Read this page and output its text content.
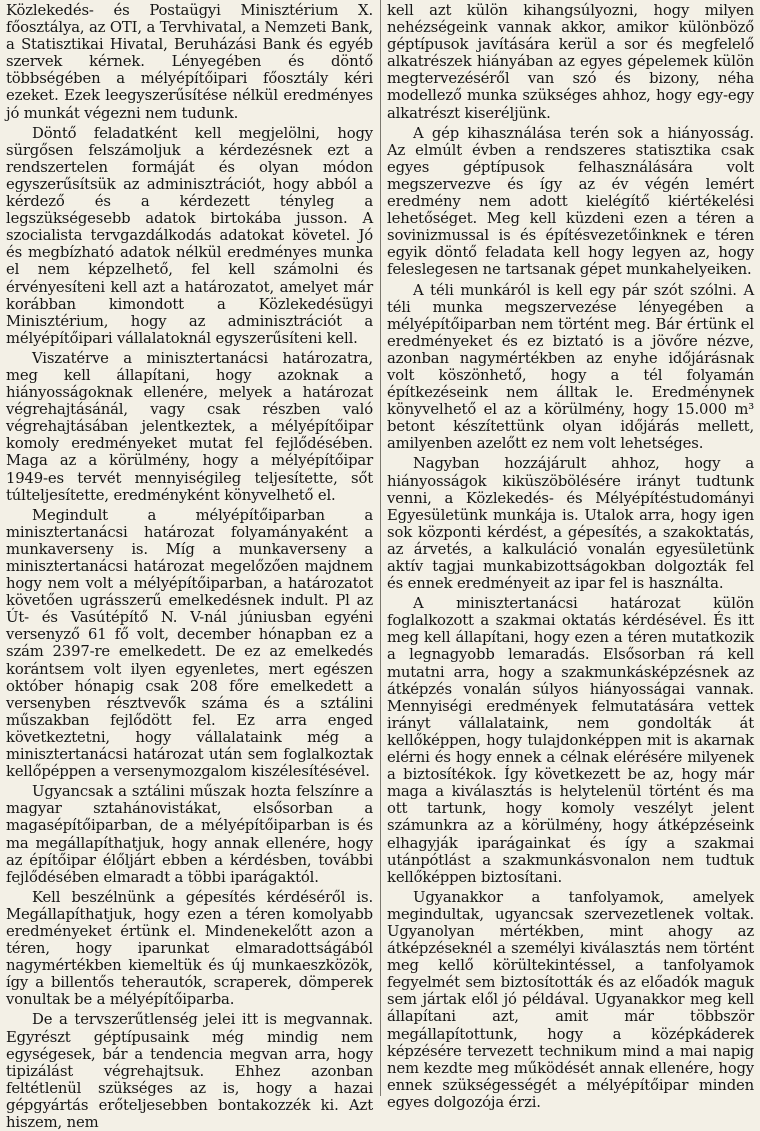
Közlekedés- és Postaügyi Minisztérium X. főosztálya, az OTI, a Tervhivatal, a Nemzeti Bank, a Statisztikai Hivatal, Beruházási Bank és egyéb szervek kérnek. Lényegében és döntő többségében a mélyépítőipari főosztály kéri ezeket. Ezek leegyszerűsítése nélkül eredményes jó munkát végezni nem tudunk.

Döntő feladatként kell megjelölni, hogy sürgősen felszámoljuk a kérdezésnek ezt a rendszertelen formáját és olyan módon egyszerűsítsük az adminisztrációt, hogy abból a kérdező és a kérdezett tényleg a legszükségesebb adatok birtokába jusson. A szocialista tervgazdálkodás adatokat követel. Jó és megbízható adatok nélkül eredményes munka el nem képzelhető, fel kell számolni és érvényesíteni kell azt a határozatot, amelyet már korábban kimondott a Közlekedésügyi Minisztérium, hogy az adminisztrációt a mélyépítőipari vállalatoknál egyszerűsíteni kell.

Viszatérve a minisztertanácsi határozatra, meg kell állapítani, hogy azoknak a hiányosságoknak ellenére, melyek a határozat végrehajtásánál, vagy csak részben való végrehajtásában jelentkeztek, a mélyépítőipar komoly eredményeket mutat fel fejlődésében. Maga az a körülmény, hogy a mélyépítőipar 1949-es tervét mennyiségileg teljesítette, sőt túlteljesítette, eredményként könyvelhető el.

Megindult a mélyépítőiparban a minisztertanácsi határozat folyamányaként a munkaverseny is. Míg a munkaverseny a minisztertanácsi határozat megelőzően majdnem hogy nem volt a mélyépítőiparban, a határozatot követően ugrásszerű emelkedésnek indult. Pl az Út- és Vasútépítő N. V-nál júniusban egyéni versenyző 61 fő volt, december hónapban ez a szám 2397-re emelkedett. De ez az emelkedés korántsem volt ilyen egyenletes, mert egészen október hónapig csak 208 főre emelkedett a versenyben résztvevők száma és a sztálini műszakban fejlődött fel. Ez arra enged következtetni, hogy vállalataink még a minisztertanácsi határozat után sem foglalkoztak kellőpéppen a versenymozgalom kiszélesítésével.

Ugyancsak a sztálini műszak hozta felszínre a magyar sztahánovistákat, elsősorban a magasépítőiparban, de a mélyépítőiparban is és ma megállapíthatjuk, hogy annak ellenére, hogy az építőipar élőljárt ebben a kérdésben, további fejlődésében elmaradt a többi iparágaktól.

Kell beszélnünk a gépesítés kérdéséről is. Megállapíthatjuk, hogy ezen a téren komolyabb eredményeket értünk el. Mindenekelőtt azon a téren, hogy iparunkat elmaradottságából nagymértékben kiemeltük és új munkaeszközök, így a billentős teherautók, scraperek, dömperek vonultak be a mélyépítőiparba.

De a tervszerűtlenség jelei itt is megvannak. Egyrészt géptípusaink még mindig nem egységesek, bár a tendencia megvan arra, hogy tipizálást végrehajtsuk. Ehhez azonban feltétlenül szükséges az is, hogy a hazai gépgyártás erőteljesebben bontakozzék ki. Azt hiszem, nem

kell azt külön kihangsúlyozni, hogy milyen nehézségeink vannak akkor, amikor különböző géptípusok javítására kerül a sor és megfelelő alkatrészek hiányában az egyes gépelemek külön megtervezéséről van szó és bizony, néha modellező munka szükséges ahhoz, hogy egy-egy alkatrészt kiseréljünk.

A gép kihasználása terén sok a hiányosság. Az elmúlt évben a rendszeres statisztika csak egyes géptípusok felhasználására volt megszervezve és így az év végén lemért eredmény nem adott kielégítő kiértékelési lehetőséget. Meg kell küzdeni ezen a téren a sovinizmussal is és építésvezetőinknek e téren egyik döntő feladata kell hogy legyen az, hogy feleslegesen ne tartsanak gépet munkahelyeiken.

A téli munkáról is kell egy pár szót szólni. A téli munka megszervezése lényegében a mélyépítőiparban nem történt meg. Bár értünk el eredményeket és ez biztató is a jövőre nézve, azonban nagymértékben az enyhe időjárásnak volt köszönhető, hogy a tél folyamán építkezéseink nem álltak le. Eredménynek könyvelhető el az a körülmény, hogy 15.000 m³ betont készítettünk olyan időjárás mellett, amilyenben azelőtt ez nem volt lehetséges.

Nagyban hozzájárult ahhoz, hogy a hiányosságok kiküszöbölésére irányt tudtunk venni, a Közlekedés- és Mélyépítéstudományi Egyesületünk munkája is. Utalok arra, hogy igen sok központi kérdést, a gépesítés, a szakoktatás, az árvetés, a kalkuláció vonalán egyesületünk aktív tagjai munkabizottságokban dolgozták fel és ennek eredményeit az ipar fel is használta.

A minisztertanácsi határozat külön foglalkozott a szakmai oktatás kérdésével. És itt meg kell állapítani, hogy ezen a téren mutatkozik a legnagyobb lemaradás. Elsősorban rá kell mutatni arra, hogy a szakmunkásképzésnek az átképzés vonalán súlyos hiányosságai vannak. Mennyiségi eredmények felmutatására vettek irányt vállalataink, nem gondolták át kellőképpen, hogy tulajdonképpen mit is akarnak elérni és hogy ennek a célnak elérésére milyenek a biztosítékok. Így következett be az, hogy már maga a kiválasztás is helytelenül történt és ma ott tartunk, hogy komoly veszélyt jelent számunkra az a körülmény, hogy átképzéseink elhagyják iparágainkat és így a szakmai utánpótlást a szakmunkásvonalon nem tudtuk kellőképpen biztosítani.

Ugyanakkor a tanfolyamok, amelyek megindultak, ugyancsak szervezetlenek voltak. Ugyanolyan mértékben, mint ahogy az átképzéseknél a személyi kiválasztás nem történt meg kellő körültekintéssel, a tanfolyamok fegyelmét sem biztosították és az előadók maguk sem jártak elől jó példával. Ugyanakkor meg kell állapítani azt, amit már többször megállapítottunk, hogy a középkáderek képzésére tervezett technikum mind a mai napig nem kezdte meg működését annak ellenére, hogy ennek szükségességét a mélyépítőipar minden egyes dolgozója érzi.
